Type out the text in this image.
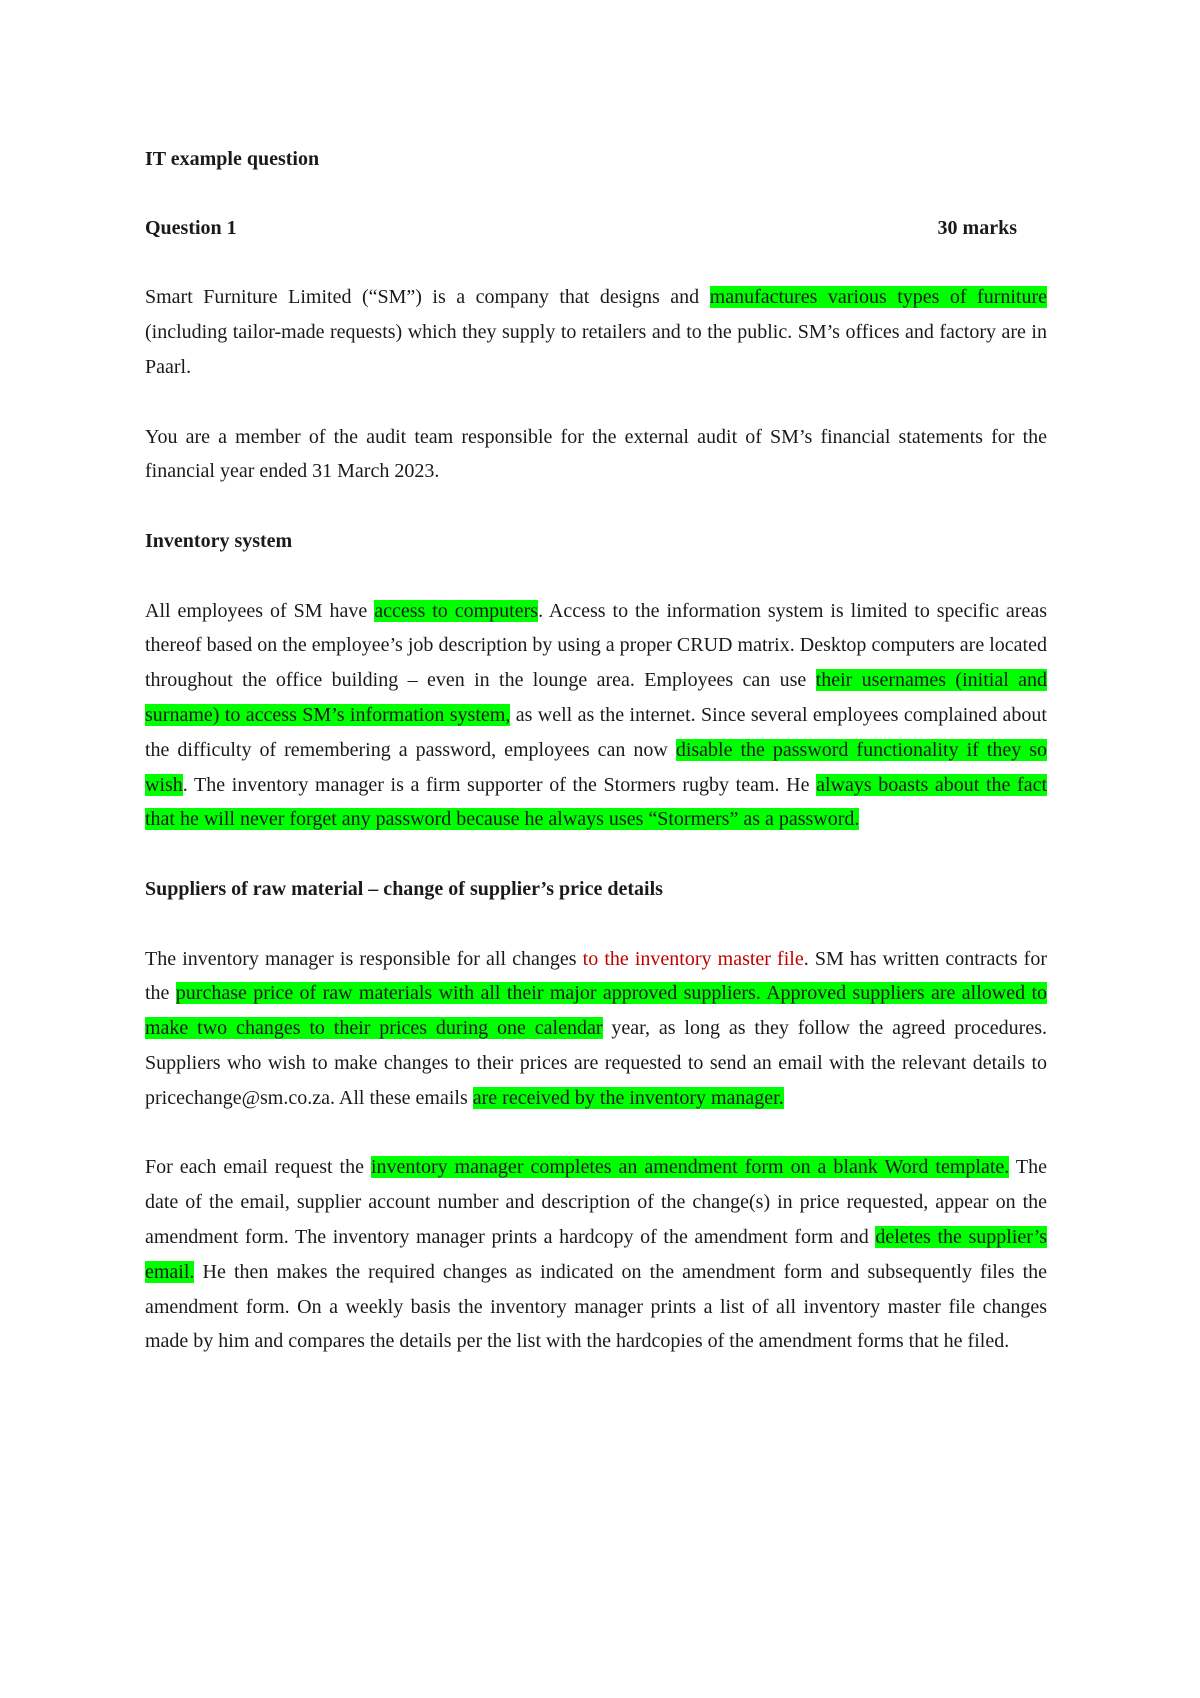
IT example question

Question 1	30 marks

Smart Furniture Limited (“SM”) is a company that designs and manufactures various types of furniture (including tailor-made requests) which they supply to retailers and to the public. SM’s offices and factory are in Paarl.

You are a member of the audit team responsible for the external audit of SM’s financial statements for the financial year ended 31 March 2023.

Inventory system

All employees of SM have access to computers. Access to the information system is limited to specific areas thereof based on the employee’s job description by using a proper CRUD matrix. Desktop computers are located throughout the office building – even in the lounge area. Employees can use their usernames (initial and surname) to access SM’s information system, as well as the internet. Since several employees complained about the difficulty of remembering a password, employees can now disable the password functionality if they so wish. The inventory manager is a firm supporter of the Stormers rugby team. He always boasts about the fact that he will never forget any password because he always uses “Stormers” as a password.

Suppliers of raw material – change of supplier’s price details

The inventory manager is responsible for all changes to the inventory master file. SM has written contracts for the purchase price of raw materials with all their major approved suppliers. Approved suppliers are allowed to make two changes to their prices during one calendar year, as long as they follow the agreed procedures. Suppliers who wish to make changes to their prices are requested to send an email with the relevant details to pricechange@sm.co.za. All these emails are received by the inventory manager.

For each email request the inventory manager completes an amendment form on a blank Word template. The date of the email, supplier account number and description of the change(s) in price requested, appear on the amendment form. The inventory manager prints a hardcopy of the amendment form and deletes the supplier’s email. He then makes the required changes as indicated on the amendment form and subsequently files the amendment form. On a weekly basis the inventory manager prints a list of all inventory master file changes made by him and compares the details per the list with the hardcopies of the amendment forms that he filed.
